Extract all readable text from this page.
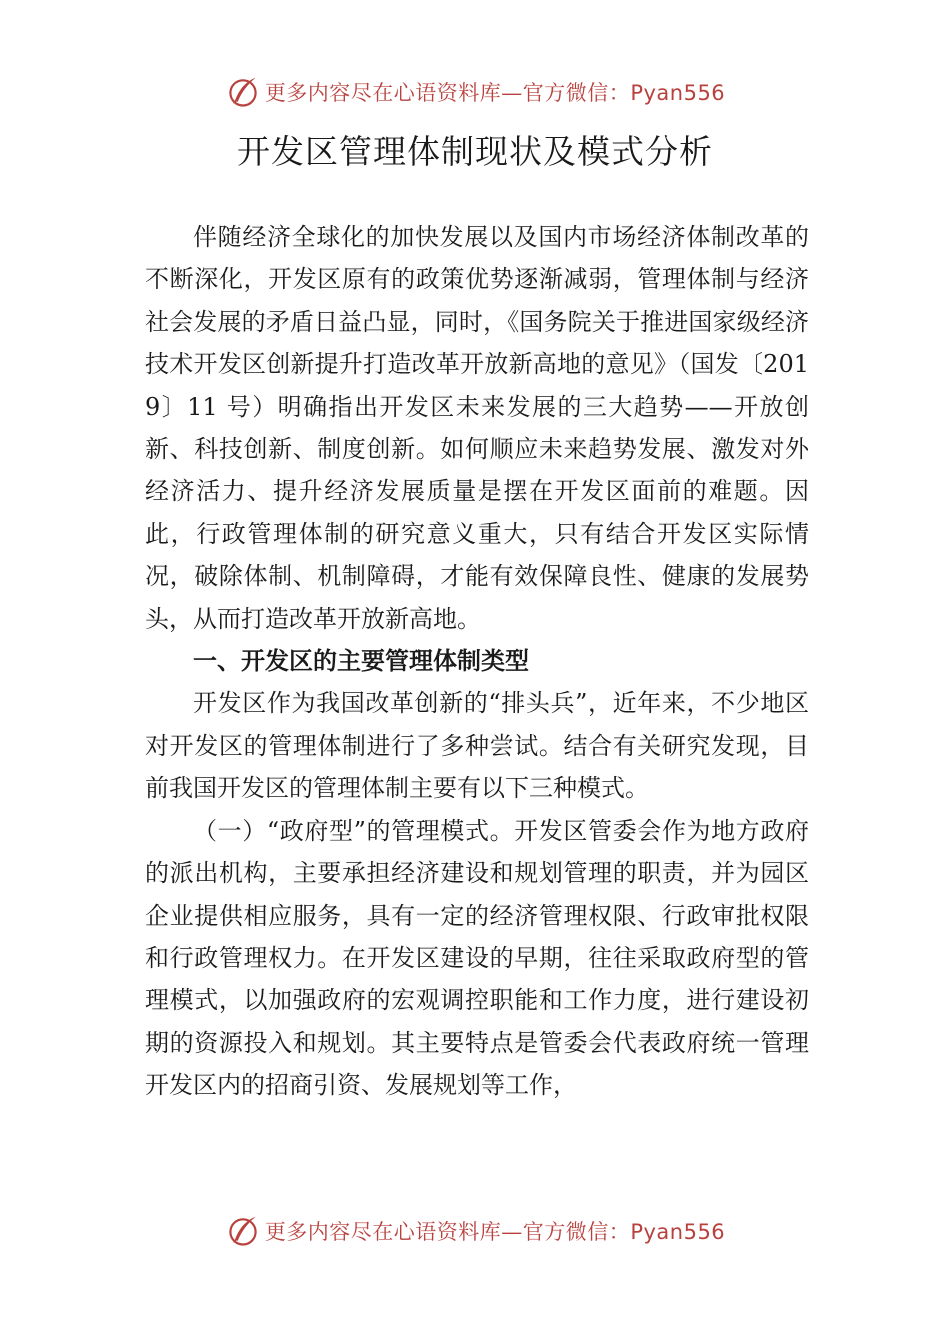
更多内容尽在心语资料库—官方微信：Pyan556
开发区管理体制现状及模式分析

伴随经济全球化的加快发展以及国内市场经济体制改革的不断深化，开发区原有的政策优势逐渐减弱，管理体制与经济社会发展的矛盾日益凸显，同时，《国务院关于推进国家级经济技术开发区创新提升打造改革开放新高地的意见》（国发〔2019〕11 号）明确指出开发区未来发展的三大趋势——开放创新、科技创新、制度创新。如何顺应未来趋势发展、激发对外经济活力、提升经济发展质量是摆在开发区面前的难题。因此，行政管理体制的研究意义重大，只有结合开发区实际情况，破除体制、机制障碍，才能有效保障良性、健康的发展势头，从而打造改革开放新高地。

一、开发区的主要管理体制类型

开发区作为我国改革创新的“排头兵”，近年来，不少地区对开发区的管理体制进行了多种尝试。结合有关研究发现，目前我国开发区的管理体制主要有以下三种模式。

（一）“政府型”的管理模式。开发区管委会作为地方政府的派出机构，主要承担经济建设和规划管理的职责，并为园区企业提供相应服务，具有一定的经济管理权限、行政审批权限和行政管理权力。在开发区建设的早期，往往采取政府型的管理模式，以加强政府的宏观调控职能和工作力度，进行建设初期的资源投入和规划。其主要特点是管委会代表政府统一管理开发区内的招商引资、发展规划等工作，

更多内容尽在心语资料库—官方微信：Pyan556
